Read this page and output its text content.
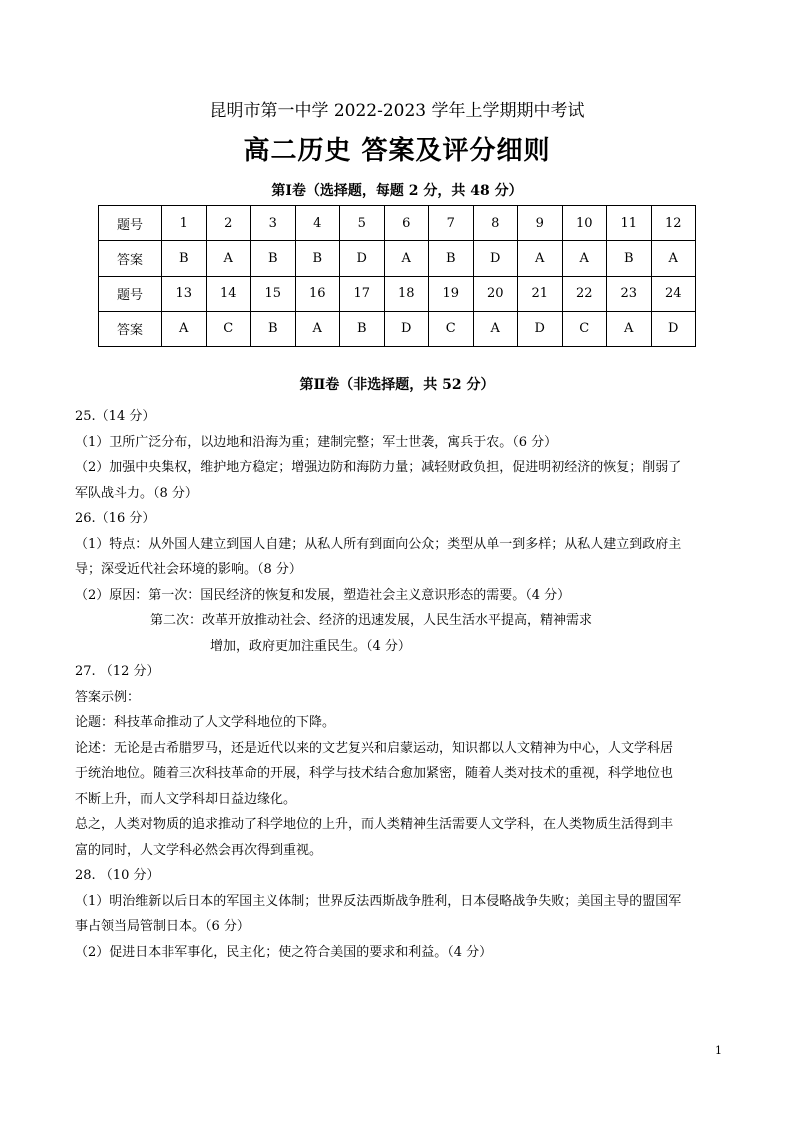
昆明市第一中学 2022-2023 学年上学期期中考试
高二历史 答案及评分细则
第Ⅰ卷（选择题，每题 2 分，共 48 分）
题号	1	2	3	4	5	6	7	8	9	10	11	12
答案	B	A	B	B	D	A	B	D	A	A	B	A
题号	13	14	15	16	17	18	19	20	21	22	23	24
答案	A	C	B	A	B	D	C	A	D	C	A	D
第Ⅱ卷（非选择题，共 52 分）

25.（14 分）

（1）卫所广泛分布，以边地和沿海为重；建制完整；军士世袭，寓兵于农。（6 分）

（2）加强中央集权，维护地方稳定；增强边防和海防力量；减轻财政负担，促进明初经济的恢复；削弱了

军队战斗力。（8 分）

26.（16 分）

（1）特点：从外国人建立到国人自建；从私人所有到面向公众；类型从单一到多样；从私人建立到政府主

导；深受近代社会环境的影响。（8 分）

（2）原因：第一次：国民经济的恢复和发展，塑造社会主义意识形态的需要。（4 分）

第二次：改革开放推动社会、经济的迅速发展，人民生活水平提高，精神需求

增加，政府更加注重民生。（4 分）

27. （12 分）

答案示例：

论题：科技革命推动了人文学科地位的下降。

论述：无论是古希腊罗马，还是近代以来的文艺复兴和启蒙运动，知识都以人文精神为中心，人文学科居

于统治地位。随着三次科技革命的开展，科学与技术结合愈加紧密，随着人类对技术的重视，科学地位也

不断上升，而人文学科却日益边缘化。

总之，人类对物质的追求推动了科学地位的上升，而人类精神生活需要人文学科，在人类物质生活得到丰

富的同时，人文学科必然会再次得到重视。

28. （10 分）

（1）明治维新以后日本的军国主义体制；世界反法西斯战争胜利，日本侵略战争失败；美国主导的盟国军

事占领当局管制日本。（6 分）

（2）促进日本非军事化，民主化；使之符合美国的要求和利益。（4 分）

1
